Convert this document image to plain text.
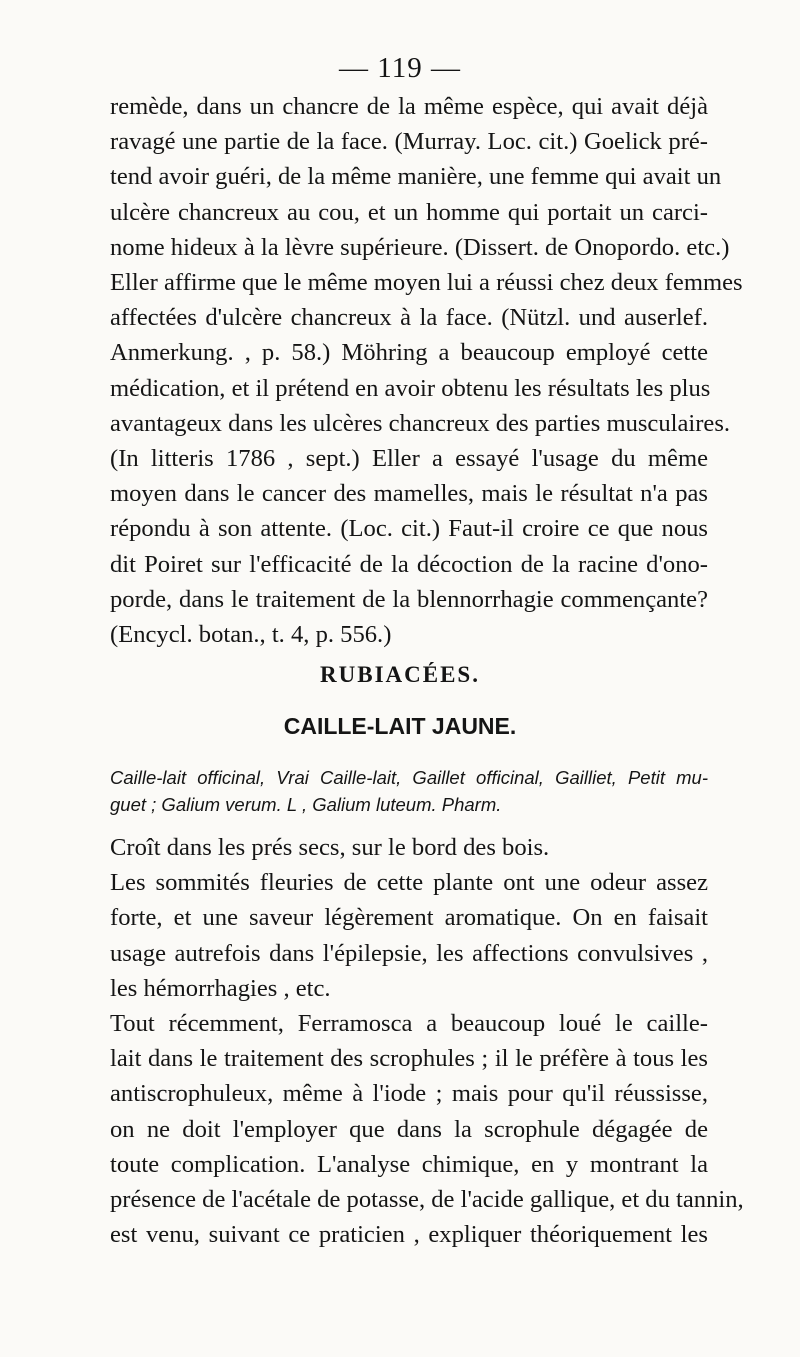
— 119 —
remède, dans un chancre de la même espèce, qui avait déjà
ravagé une partie de la face. (Murray. Loc. cit.) Goelick pré-
tend avoir guéri, de la même manière, une femme qui avait un
ulcère chancreux au cou, et un homme qui portait un carci-
nome hideux à la lèvre supérieure. (Dissert. de Onopordo. etc.)
Eller affirme que le même moyen lui a réussi chez deux femmes
affectées d'ulcère chancreux à la face. (Nützl. und auserlef.
Anmerkung. , p. 58.) Möhring a beaucoup employé cette
médication, et il prétend en avoir obtenu les résultats les plus
avantageux dans les ulcères chancreux des parties musculaires.
(In litteris 1786 , sept.) Eller a essayé l'usage du même
moyen dans le cancer des mamelles, mais le résultat n'a pas
répondu à son attente. (Loc. cit.) Faut-il croire ce que nous
dit Poiret sur l'efficacité de la décoction de la racine d'ono-
porde, dans le traitement de la blennorrhagie commençante?
(Encycl. botan., t. 4, p. 556.)
RUBIACÉES.
CAILLE-LAIT JAUNE.
Caille-lait officinal, Vrai Caille-lait, Gaillet officinal, Gailliet, Petit mu-
guet ; Galium verum. L , Galium luteum. Pharm.
Croît dans les prés secs, sur le bord des bois.
Les sommités fleuries de cette plante ont une odeur assez
forte, et une saveur légèrement aromatique. On en faisait
usage autrefois dans l'épilepsie, les affections convulsives ,
les hémorrhagies , etc.
Tout récemment, Ferramosca a beaucoup loué le caille-
lait dans le traitement des scrophules ; il le préfère à tous les
antiscrophuleux, même à l'iode ; mais pour qu'il réussisse,
on ne doit l'employer que dans la scrophule dégagée de
toute complication. L'analyse chimique, en y montrant la
présence de l'acétale de potasse, de l'acide gallique, et du tannin,
est venu, suivant ce praticien , expliquer théoriquement les
